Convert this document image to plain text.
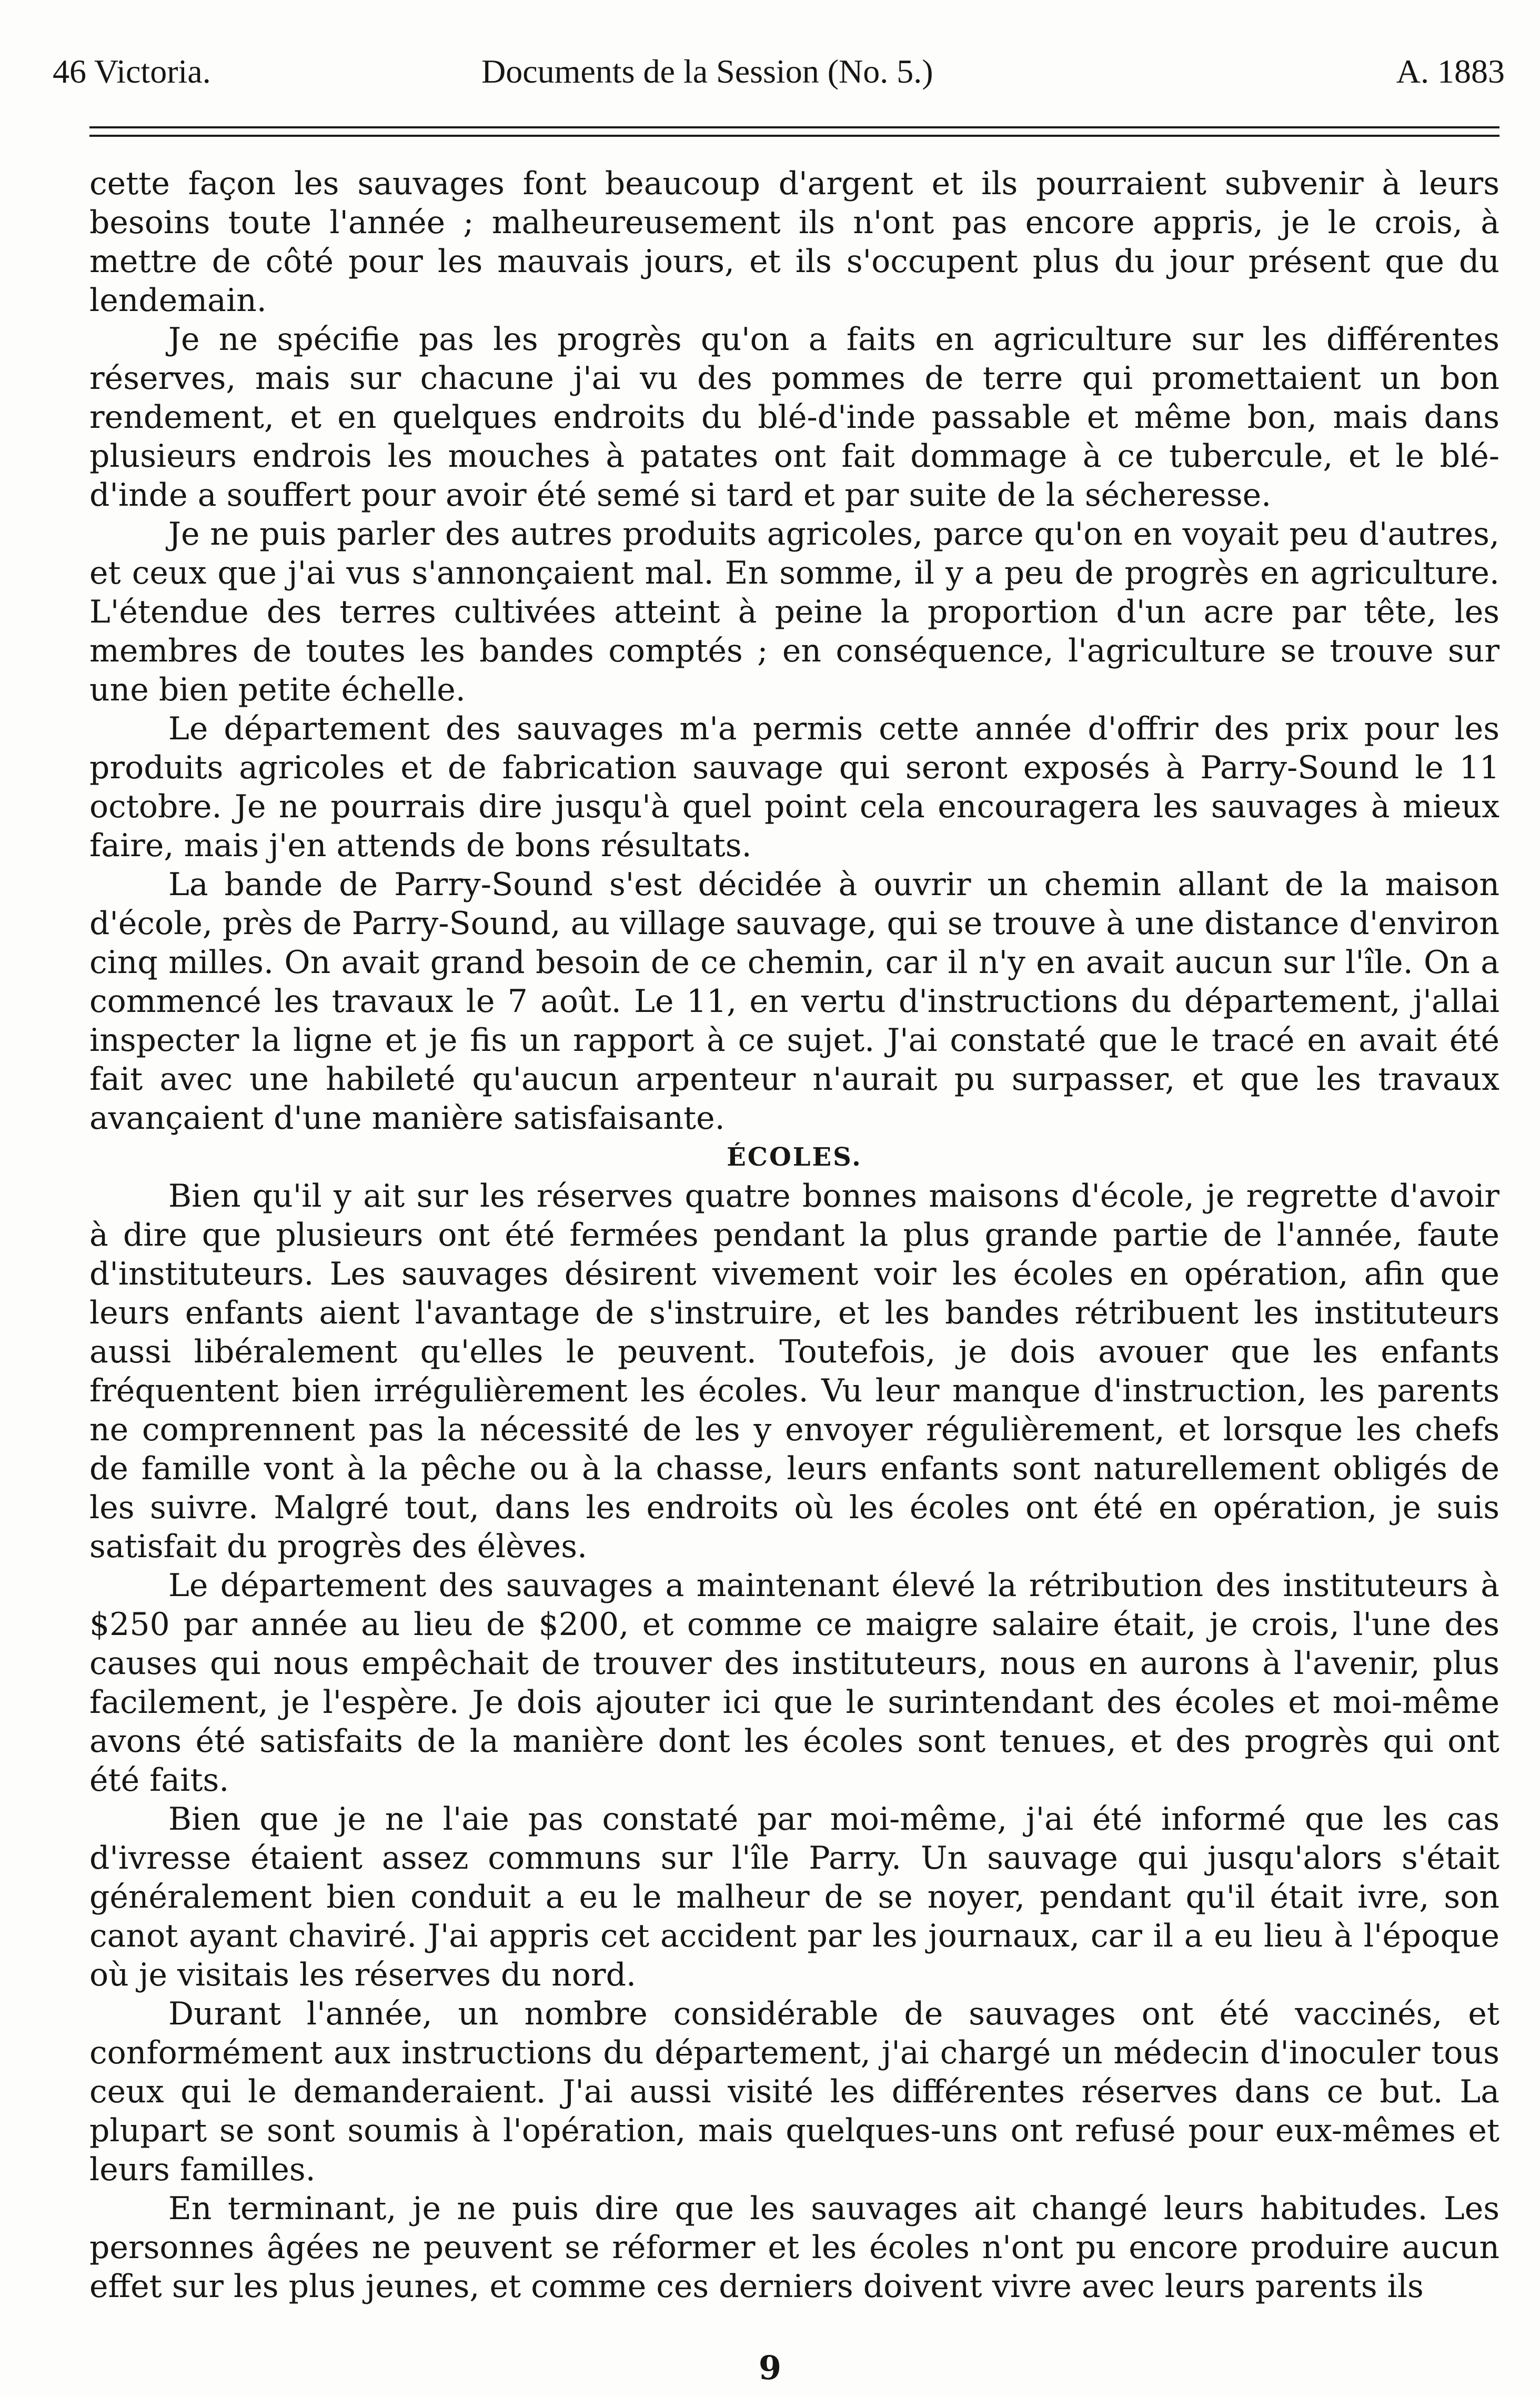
46 Victoria.	Documents de la Session (No. 5.)	A. 1883

cette façon les sauvages font beaucoup d'argent et ils pourraient subvenir à leurs besoins toute l'année ; malheureusement ils n'ont pas encore appris, je le crois, à mettre de côté pour les mauvais jours, et ils s'occupent plus du jour présent que du lendemain.

Je ne spécifie pas les progrès qu'on a faits en agriculture sur les différentes réserves, mais sur chacune j'ai vu des pommes de terre qui promettaient un bon rendement, et en quelques endroits du blé-d'inde passable et même bon, mais dans plusieurs endrois les mouches à patates ont fait dommage à ce tubercule, et le blé-d'inde a souffert pour avoir été semé si tard et par suite de la sécheresse.

Je ne puis parler des autres produits agricoles, parce qu'on en voyait peu d'autres, et ceux que j'ai vus s'annonçaient mal. En somme, il y a peu de progrès en agriculture. L'étendue des terres cultivées atteint à peine la proportion d'un acre par tête, les membres de toutes les bandes comptés ; en conséquence, l'agriculture se trouve sur une bien petite échelle.

Le département des sauvages m'a permis cette année d'offrir des prix pour les produits agricoles et de fabrication sauvage qui seront exposés à Parry-Sound le 11 octobre. Je ne pourrais dire jusqu'à quel point cela encouragera les sauvages à mieux faire, mais j'en attends de bons résultats.

La bande de Parry-Sound s'est décidée à ouvrir un chemin allant de la maison d'école, près de Parry-Sound, au village sauvage, qui se trouve à une distance d'environ cinq milles. On avait grand besoin de ce chemin, car il n'y en avait aucun sur l'île. On a commencé les travaux le 7 août. Le 11, en vertu d'instructions du département, j'allai inspecter la ligne et je fis un rapport à ce sujet. J'ai constaté que le tracé en avait été fait avec une habileté qu'aucun arpenteur n'aurait pu surpasser, et que les travaux avançaient d'une manière satisfaisante.

ÉCOLES.

Bien qu'il y ait sur les réserves quatre bonnes maisons d'école, je regrette d'avoir à dire que plusieurs ont été fermées pendant la plus grande partie de l'année, faute d'instituteurs. Les sauvages désirent vivement voir les écoles en opération, afin que leurs enfants aient l'avantage de s'instruire, et les bandes rétribuent les instituteurs aussi libéralement qu'elles le peuvent. Toutefois, je dois avouer que les enfants fréquentent bien irrégulièrement les écoles. Vu leur manque d'instruction, les parents ne comprennent pas la nécessité de les y envoyer régulièrement, et lorsque les chefs de famille vont à la pêche ou à la chasse, leurs enfants sont naturellement obligés de les suivre. Malgré tout, dans les endroits où les écoles ont été en opération, je suis satisfait du progrès des élèves.

Le département des sauvages a maintenant élevé la rétribution des instituteurs à $250 par année au lieu de $200, et comme ce maigre salaire était, je crois, l'une des causes qui nous empêchait de trouver des instituteurs, nous en aurons à l'avenir, plus facilement, je l'espère. Je dois ajouter ici que le surintendant des écoles et moi-même avons été satisfaits de la manière dont les écoles sont tenues, et des progrès qui ont été faits.

Bien que je ne l'aie pas constaté par moi-même, j'ai été informé que les cas d'ivresse étaient assez communs sur l'île Parry. Un sauvage qui jusqu'alors s'était généralement bien conduit a eu le malheur de se noyer, pendant qu'il était ivre, son canot ayant chaviré. J'ai appris cet accident par les journaux, car il a eu lieu à l'époque où je visitais les réserves du nord.

Durant l'année, un nombre considérable de sauvages ont été vaccinés, et conformément aux instructions du département, j'ai chargé un médecin d'inoculer tous ceux qui le demanderaient. J'ai aussi visité les différentes réserves dans ce but. La plupart se sont soumis à l'opération, mais quelques-uns ont refusé pour eux-mêmes et leurs familles.

En terminant, je ne puis dire que les sauvages ait changé leurs habitudes. Les personnes âgées ne peuvent se réformer et les écoles n'ont pu encore produire aucun effet sur les plus jeunes, et comme ces derniers doivent vivre avec leurs parents ils

9
